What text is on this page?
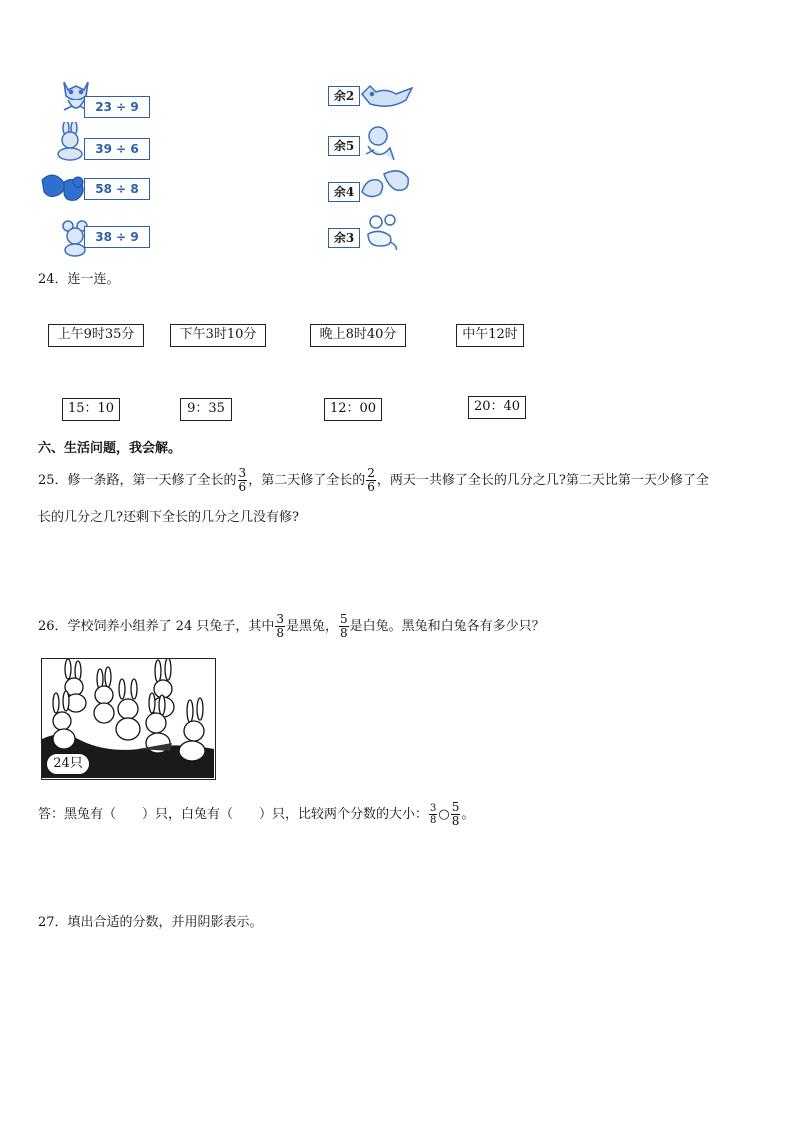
23 ÷ 9
39 ÷ 6
58 ÷ 8
38 ÷ 9
余2
余5
余4
余3
24．连一连。
上午9时35分	下午3时10分	晚上8时40分	中午12时
15：10	9：35	12：00	20：40
六、生活问题，我会解。
25．修一条路，第一天修了全长的 $\frac{3}{6}$ ，第二天修了全长的 $\frac{2}{6}$ ，两天一共修了全长的几分之几?第二天比第一天少修了全
长的几分之几?还剩下全长的几分之几没有修?
26．学校饲养小组养了 24 只兔子，其中 $\frac{3}{8}$ 是黑兔， $\frac{5}{8}$ 是白兔。黑兔和白兔各有多少只？
24只
答：黑兔有（　　）只，白兔有（　　）只，比较两个分数的大小： $\frac{3}{8}$ ○ $\frac{5}{8}$ 。
27．填出合适的分数，并用阴影表示。
